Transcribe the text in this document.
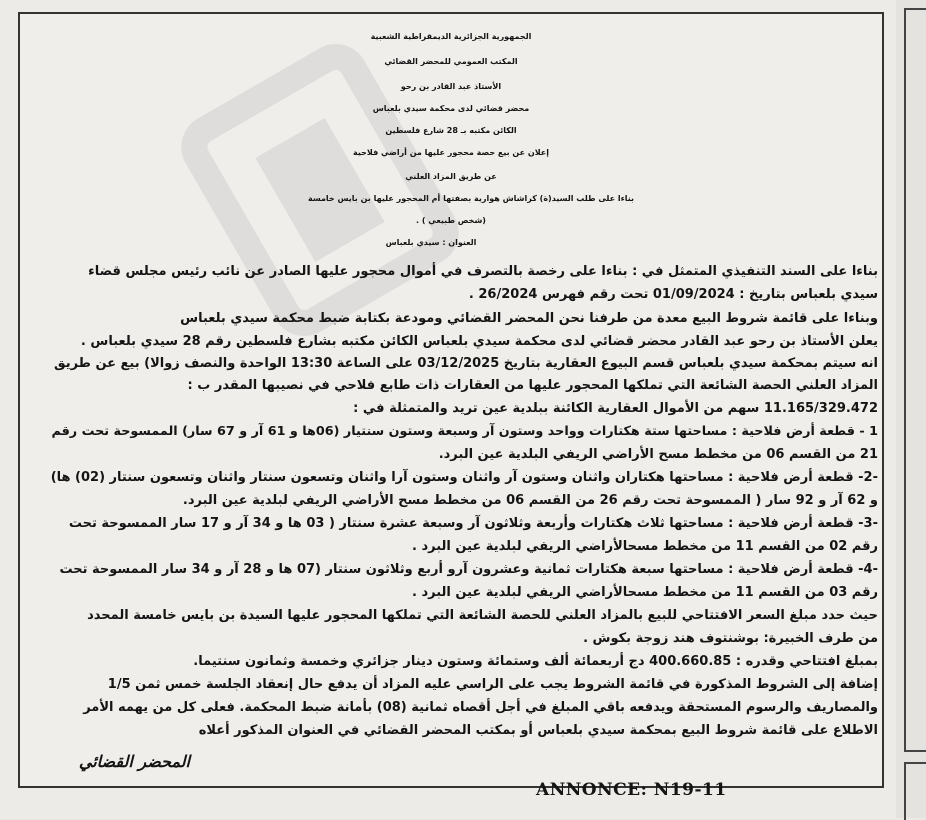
الجمهورية الجزائرية الديمقراطية الشعبية
المكتب العمومي للمحضر القضائي
الأستاذ عبد القادر بن رحو
محضر قضائي لدى محكمة سيدي بلعباس
الكائن مكتبه بـ 28 شارع فلسطين
إعلان عن بيع حصة محجور عليها من أراضي فلاحية
عن طريق المزاد العلني
بناءا على طلب السيد(ة) كراشاش هوارية بصفتها أم المحجور عليها بن بايس خامسة
(شخص طبيعي ) .
العنوان : سيدي بلعباس
بناءا على السند التنفيذي المتمثل في : بناءا على رخصة بالتصرف في أموال محجور عليها الصادر عن نائب رئيس مجلس قضاء
سيدي بلعباس بتاريخ : 01/09/2024 تحت رقم فهرس 26/2024 .
وبناءا على قائمة شروط البيع معدة من طرفنا نحن المحضر القضائي ومودعة بكتابة ضبط محكمة سيدي بلعباس
يعلن الأستاذ بن رحو عبد القادر محضر قضائي لدى محكمة سيدي بلعباس الكائن مكتبه بشارع فلسطين رقم 28 سيدي بلعباس .
انه سيتم بمحكمة سيدي بلعباس قسم البيوع العقارية بتاريخ 03/12/2025 على الساعة 13:30 الواحدة والنصف زوالا) بيع عن طريق
المزاد العلني الحصة الشائعة التي تملكها المحجور عليها من العقارات ذات طابع فلاحي في نصيبها المقدر ب :
11.165/329.472 سهم من الأموال العقارية الكائنة ببلدية عين تريد والمتمثلة في :
1 - قطعة أرض فلاحية : مساحتها ستة هكتارات وواحد وستون آر وسبعة وستون سنتيار (06ها و 61 آر و 67 سار) الممسوحة تحت رقم
21 من القسم 06 من مخطط مسح الأراضي الريفي البلدية عين البرد.
-2- قطعة أرض فلاحية : مساحتها هكتاران واثنان وستون آر واثنان وستون آرا واثنان وتسعون سنتار واثنان وتسعون سنتار (02) ها)
و 62 آر و 92 سار ( الممسوحة تحت رقم 26 من القسم 06 من مخطط مسح الأراضي الريفي لبلدية عين البرد.
-3- قطعة أرض فلاحية : مساحتها ثلاث هكتارات وأربعة وثلاثون آر وسبعة عشرة سنتار ( 03 ها و 34 آر و 17 سار الممسوحة تحت
رقم 02 من القسم 11 من مخطط مسحالأراضي الريفي لبلدية عين البرد .
-4- قطعة أرض فلاحية : مساحتها سبعة هكتارات ثمانية وعشرون آرو أربع وثلاثون سنتار (07 ها و 28 آر و 34 سار الممسوحة تحت
رقم 03 من القسم 11 من مخطط مسحالأراضي الريفي لبلدية عين البرد .
حيث حدد مبلغ السعر الافتتاحي للبيع بالمزاد العلني للحصة الشائعة التي تملكها المحجور عليها السيدة بن بايس خامسة المحدد
من طرف الخبيرة: بوشنتوف هند زوجة بكوش .
بمبلغ افتتاحي وقدره : 400.660.85 دج أربعمائة ألف وستمائة وستون دينار جزائري وخمسة وثمانون سنتيما.
إضافة إلى الشروط المذكورة في قائمة الشروط يجب على الراسي عليه المزاد أن يدفع حال إنعقاد الجلسة خمس ثمن 1/5
والمصاريف والرسوم المستحقة ويدفعه باقي المبلغ في أجل أقصاه ثمانية (08) بأمانة ضبط المحكمة. فعلى كل من يهمه الأمر
الاطلاع على قائمة شروط البيع بمحكمة سيدي بلعباس أو بمكتب المحضر القضائي في العنوان المذكور أعلاه
المحضر القضائي
ANNONCE: N19-11
